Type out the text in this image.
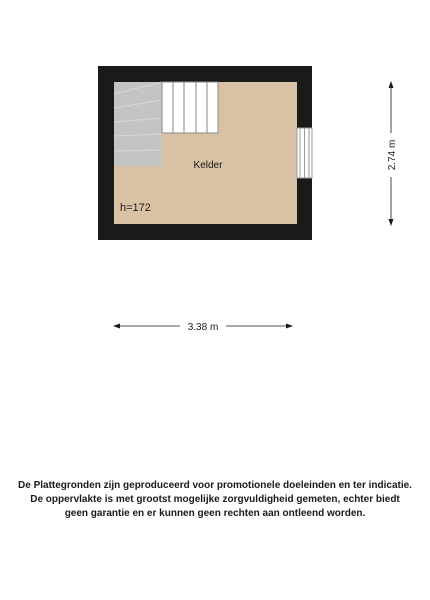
Kelder
h=172
3.38 m
2.74 m
De Plattegronden zijn geproduceerd voor promotionele doeleinden en ter indicatie.
De oppervlakte is met grootst mogelijke zorgvuldigheid gemeten, echter biedt
geen garantie en er kunnen geen rechten aan ontleend worden.
